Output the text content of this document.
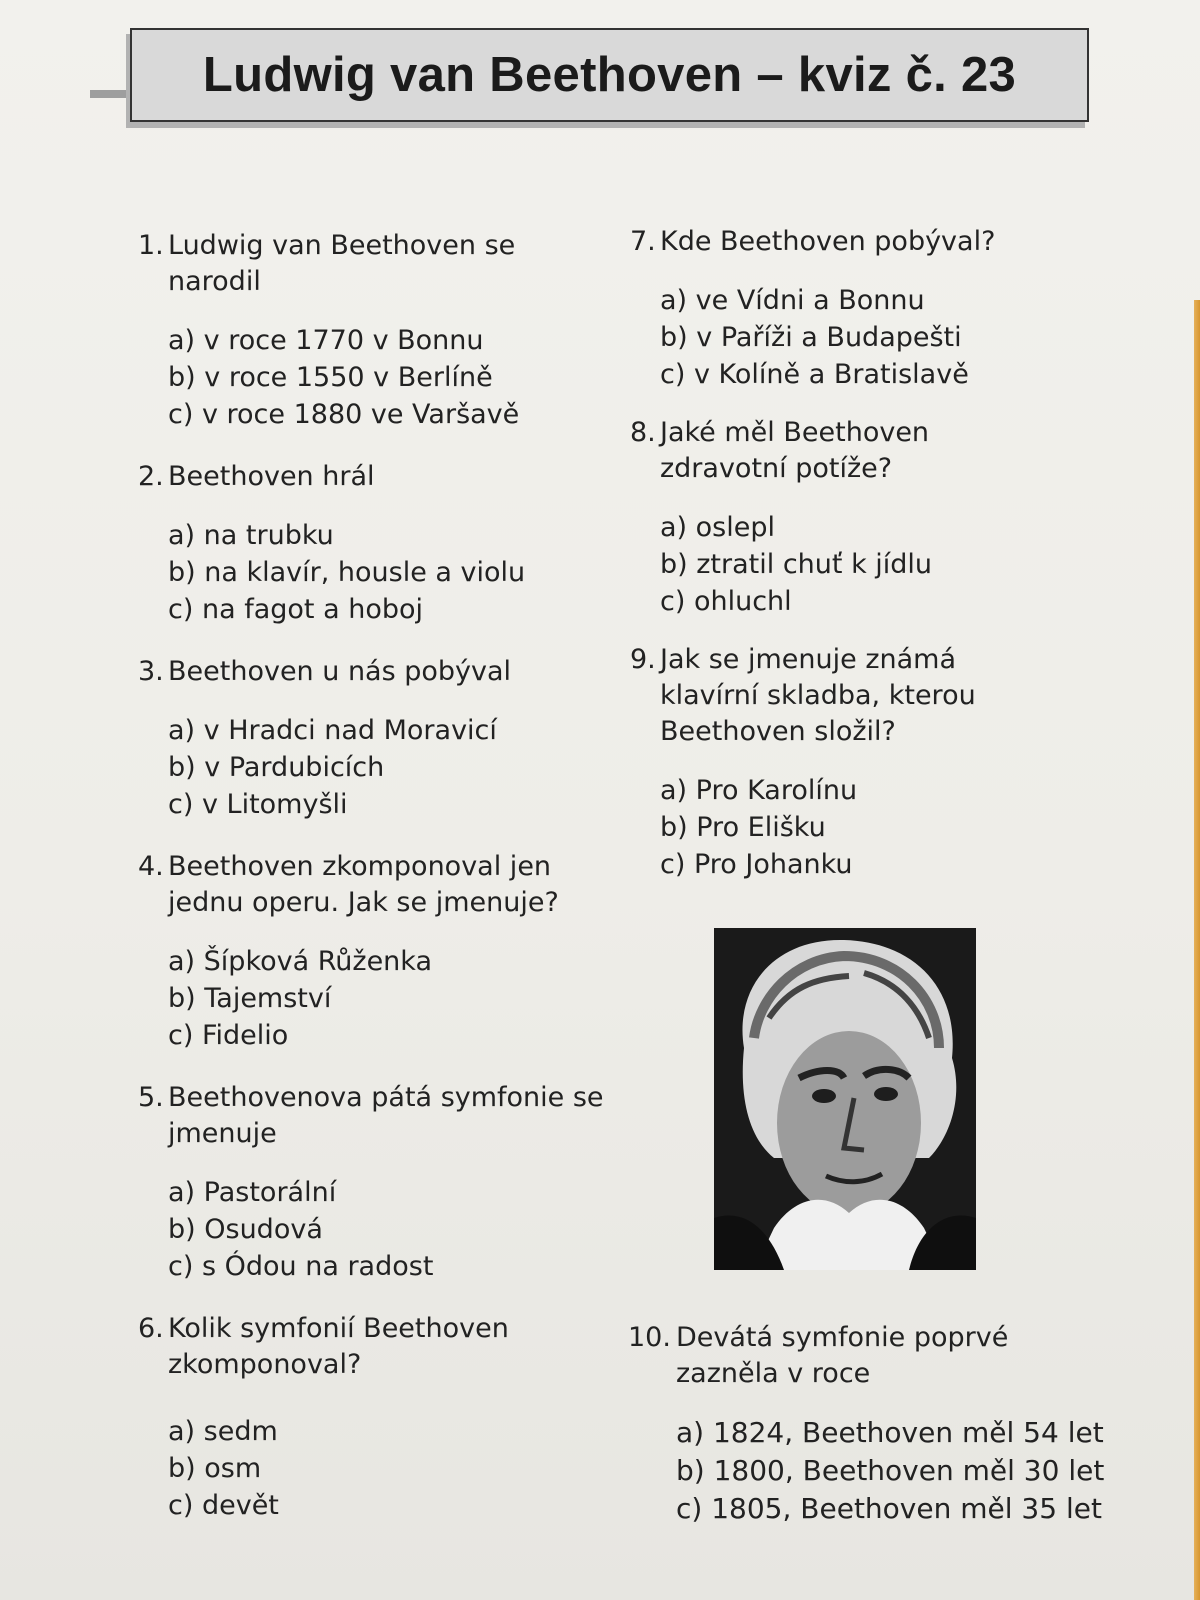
Ludwig van Beethoven – kviz č. 23
1. Ludwig van Beethoven se narodil
a) v roce 1770 v Bonnu
b) v roce 1550 v Berlíně
c) v roce 1880 ve Varšavě
2. Beethoven hrál
a) na trubku
b) na klavír, housle a violu
c) na fagot a hoboj
3. Beethoven u nás pobýval
a) v Hradci nad Moravicí
b) v Pardubicích
c) v Litomyšli
4. Beethoven zkomponoval jen jednu operu. Jak se jmenuje?
a) Šípková Růženka
b) Tajemství
c) Fidelio
5. Beethovenova pátá symfonie se jmenuje
a) Pastorální
b) Osudová
c) s Ódou na radost
6. Kolik symfonií Beethoven zkomponoval?
a) sedm
b) osm
c) devět
7. Kde Beethoven pobýval?
a) ve Vídni a Bonnu
b) v Paříži a Budapešti
c) v Kolíně a Bratislavě
8. Jaké měl Beethoven zdravotní potíže?
a) oslepl
b) ztratil chuť k jídlu
c) ohluchl
9. Jak se jmenuje známá klavírní skladba, kterou Beethoven složil?
a) Pro Karolínu
b) Pro Elišku
c) Pro Johanku
10. Devátá symfonie poprvé zazněla v roce
a) 1824, Beethoven měl 54 let
b) 1800, Beethoven měl 30 let
c) 1805, Beethoven měl 35 let
